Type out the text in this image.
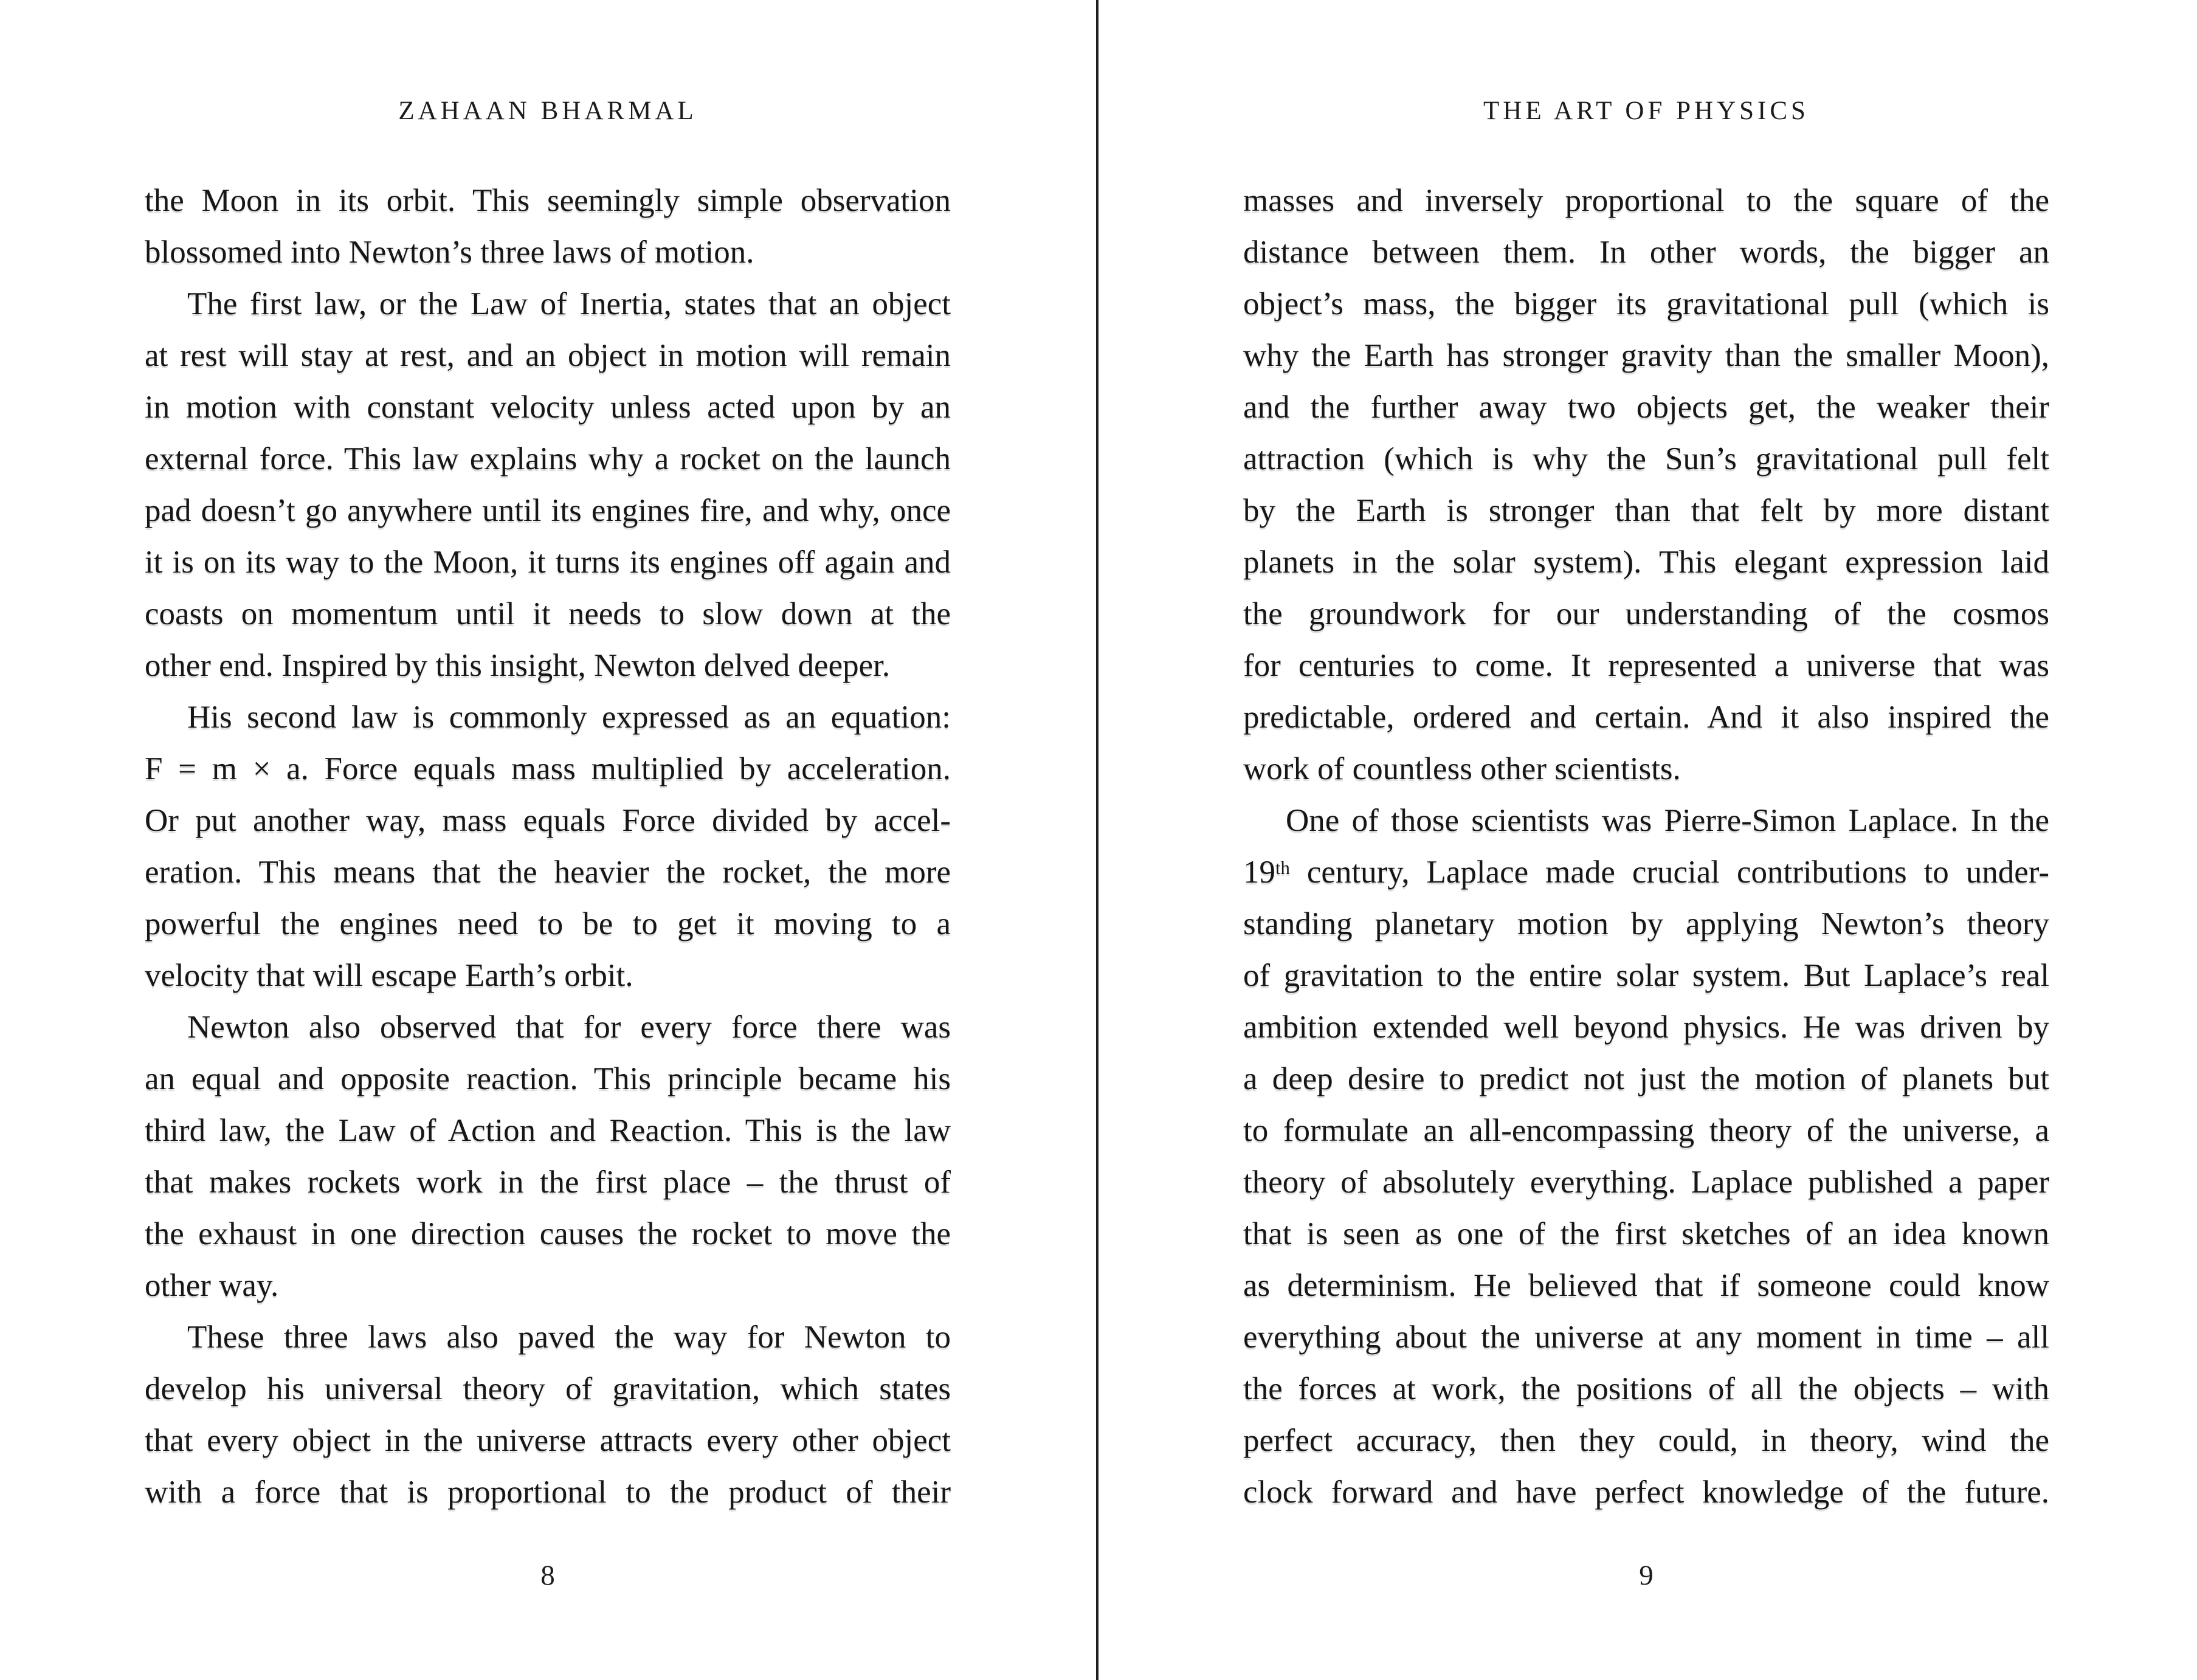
ZAHAAN BHARMAL
the Moon in its orbit. This seemingly simple observation
blossomed into Newton’s three laws of motion.
The first law, or the Law of Inertia, states that an object
at rest will stay at rest, and an object in motion will remain
in motion with constant velocity unless acted upon by an
external force. This law explains why a rocket on the launch
pad doesn’t go anywhere until its engines fire, and why, once
it is on its way to the Moon, it turns its engines off again and
coasts on momentum until it needs to slow down at the
other end. Inspired by this insight, Newton delved deeper.
His second law is commonly expressed as an equation:
F = m × a. Force equals mass multiplied by acceleration.
Or put another way, mass equals Force divided by accel-
eration. This means that the heavier the rocket, the more
powerful the engines need to be to get it moving to a
velocity that will escape Earth’s orbit.
Newton also observed that for every force there was
an equal and opposite reaction. This principle became his
third law, the Law of Action and Reaction. This is the law
that makes rockets work in the first place – the thrust of
the exhaust in one direction causes the rocket to move the
other way.
These three laws also paved the way for Newton to
develop his universal theory of gravitation, which states
that every object in the universe attracts every other object
with a force that is proportional to the product of their
8
THE ART OF PHYSICS
masses and inversely proportional to the square of the
distance between them. In other words, the bigger an
object’s mass, the bigger its gravitational pull (which is
why the Earth has stronger gravity than the smaller Moon),
and the further away two objects get, the weaker their
attraction (which is why the Sun’s gravitational pull felt
by the Earth is stronger than that felt by more distant
planets in the solar system). This elegant expression laid
the groundwork for our understanding of the cosmos
for centuries to come. It represented a universe that was
predictable, ordered and certain. And it also inspired the
work of countless other scientists.
One of those scientists was Pierre-Simon Laplace. In the
19th century, Laplace made crucial contributions to under-
standing planetary motion by applying Newton’s theory
of gravitation to the entire solar system. But Laplace’s real
ambition extended well beyond physics. He was driven by
a deep desire to predict not just the motion of planets but
to formulate an all-encompassing theory of the universe, a
theory of absolutely everything. Laplace published a paper
that is seen as one of the first sketches of an idea known
as determinism. He believed that if someone could know
everything about the universe at any moment in time – all
the forces at work, the positions of all the objects – with
perfect accuracy, then they could, in theory, wind the
clock forward and have perfect knowledge of the future.
9
